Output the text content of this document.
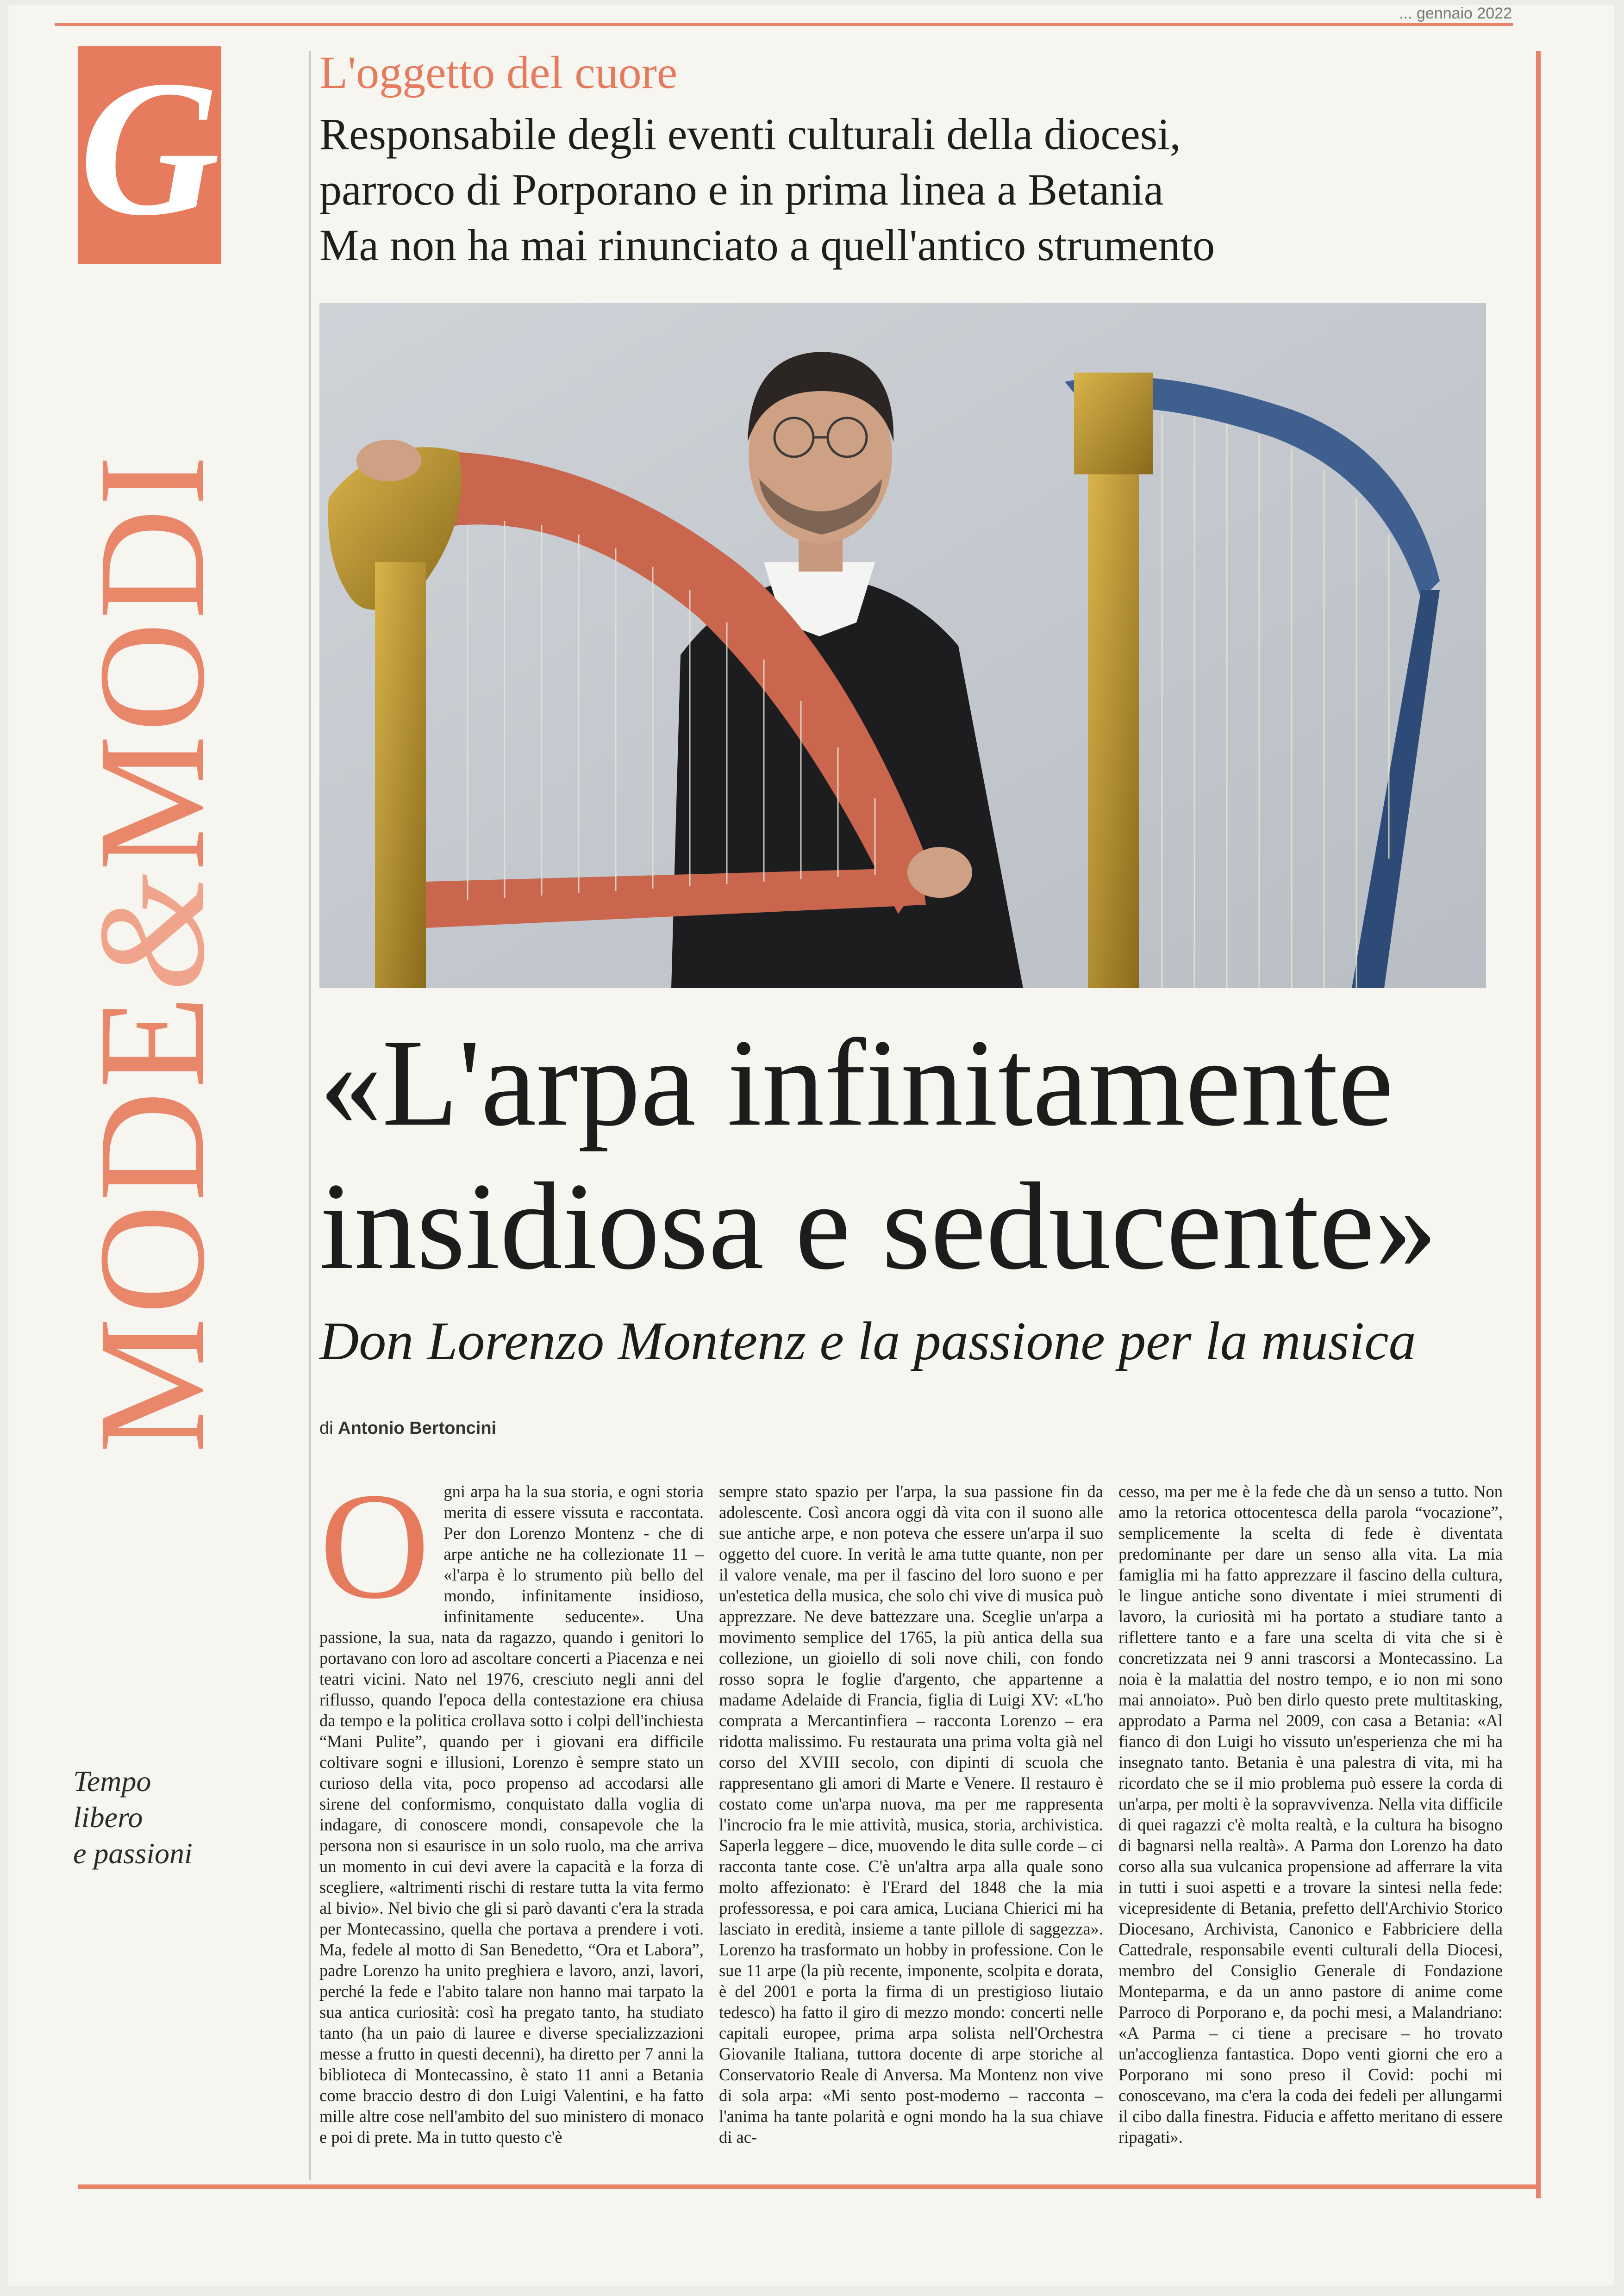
... gennaio 2022
G
MODE
&
MODI
Tempo
libero
e passioni
L'oggetto del cuore
Responsabile degli eventi culturali della diocesi,
parroco di Porporano e in prima linea a Betania
Ma non ha mai rinunciato a quell'antico strumento
«L'arpa infinitamente
insidiosa e seducente»
Don Lorenzo Montenz e la passione per la musica
di Antonio Bertoncini
Ogni arpa ha la sua storia, e ogni storia merita di essere vissuta e raccontata. Per don Lorenzo Montenz - che di arpe antiche ne ha collezionate 11 – «l'arpa è lo strumento più bello del mondo, infinitamente insidioso, infinitamente seducente». Una passione, la sua, nata da ragazzo, quando i genitori lo portavano con loro ad ascoltare concerti a Piacenza e nei teatri vicini. Nato nel 1976, cresciuto negli anni del riflusso, quando l'epoca della contestazione era chiusa da tempo e la politica crollava sotto i colpi dell'inchiesta “Mani Pulite”, quando per i giovani era difficile coltivare sogni e illusioni, Lorenzo è sempre stato un curioso della vita, poco propenso ad accodarsi alle sirene del conformismo, conquistato dalla voglia di indagare, di conoscere mondi, consapevole che la persona non si esaurisce in un solo ruolo, ma che arriva un momento in cui devi avere la capacità e la forza di scegliere, «altrimenti rischi di restare tutta la vita fermo al bivio». Nel bivio che gli si parò davanti c'era la strada per Montecassino, quella che portava a prendere i voti. Ma, fedele al motto di San Benedetto, “Ora et Labora”, padre Lorenzo ha unito preghiera e lavoro, anzi, lavori, perché la fede e l'abito talare non hanno mai tarpato la sua antica curiosità: così ha pregato tanto, ha studiato tanto (ha un paio di lauree e diverse specializzazioni messe a frutto in questi decenni), ha diretto per 7 anni la biblioteca di Montecassino, è stato 11 anni a Betania come braccio destro di don Luigi Valentini, e ha fatto mille altre cose nell'ambito del suo ministero di monaco e poi di prete. Ma in tutto questo c'è
sempre stato spazio per l'arpa, la sua passione fin da adolescente. Così ancora oggi dà vita con il suono alle sue antiche arpe, e non poteva che essere un'arpa il suo oggetto del cuore. In verità le ama tutte quante, non per il valore venale, ma per il fascino del loro suono e per un'estetica della musica, che solo chi vive di musica può apprezzare. Ne deve battezzare una. Sceglie un'arpa a movimento semplice del 1765, la più antica della sua collezione, un gioiello di soli nove chili, con fondo rosso sopra le foglie d'argento, che appartenne a madame Adelaide di Francia, figlia di Luigi XV: «L'ho comprata a Mercantinfiera – racconta Lorenzo – era ridotta malissimo. Fu restaurata una prima volta già nel corso del XVIII secolo, con dipinti di scuola che rappresentano gli amori di Marte e Venere. Il restauro è costato come un'arpa nuova, ma per me rappresenta l'incrocio fra le mie attività, musica, storia, archivistica. Saperla leggere – dice, muovendo le dita sulle corde – ci racconta tante cose. C'è un'altra arpa alla quale sono molto affezionato: è l'Erard del 1848 che la mia professoressa, e poi cara amica, Luciana Chierici mi ha lasciato in eredità, insieme a tante pillole di saggezza». Lorenzo ha trasformato un hobby in professione. Con le sue 11 arpe (la più recente, imponente, scolpita e dorata, è del 2001 e porta la firma di un prestigioso liutaio tedesco) ha fatto il giro di mezzo mondo: concerti nelle capitali europee, prima arpa solista nell'Orchestra Giovanile Italiana, tuttora docente di arpe storiche al Conservatorio Reale di Anversa. Ma Montenz non vive di sola arpa: «Mi sento post-moderno – racconta – l'anima ha tante polarità e ogni mondo ha la sua chiave di ac-
cesso, ma per me è la fede che dà un senso a tutto. Non amo la retorica ottocentesca della parola “vocazione”, semplicemente la scelta di fede è diventata predominante per dare un senso alla vita. La mia famiglia mi ha fatto apprezzare il fascino della cultura, le lingue antiche sono diventate i miei strumenti di lavoro, la curiosità mi ha portato a studiare tanto a riflettere tanto e a fare una scelta di vita che si è concretizzata nei 9 anni trascorsi a Montecassino. La noia è la malattia del nostro tempo, e io non mi sono mai annoiato». Può ben dirlo questo prete multitasking, approdato a Parma nel 2009, con casa a Betania: «Al fianco di don Luigi ho vissuto un'esperienza che mi ha insegnato tanto. Betania è una palestra di vita, mi ha ricordato che se il mio problema può essere la corda di un'arpa, per molti è la sopravvivenza. Nella vita difficile di quei ragazzi c'è molta realtà, e la cultura ha bisogno di bagnarsi nella realtà». A Parma don Lorenzo ha dato corso alla sua vulcanica propensione ad afferrare la vita in tutti i suoi aspetti e a trovare la sintesi nella fede: vicepresidente di Betania, prefetto dell'Archivio Storico Diocesano, Archivista, Canonico e Fabbriciere della Cattedrale, responsabile eventi culturali della Diocesi, membro del Consiglio Generale di Fondazione Monteparma, e da un anno pastore di anime come Parroco di Porporano e, da pochi mesi, a Malandriano: «A Parma – ci tiene a precisare – ho trovato un'accoglienza fantastica. Dopo venti giorni che ero a Porporano mi sono preso il Covid: pochi mi conoscevano, ma c'era la coda dei fedeli per allungarmi il cibo dalla finestra. Fiducia e affetto meritano di essere ripagati».
